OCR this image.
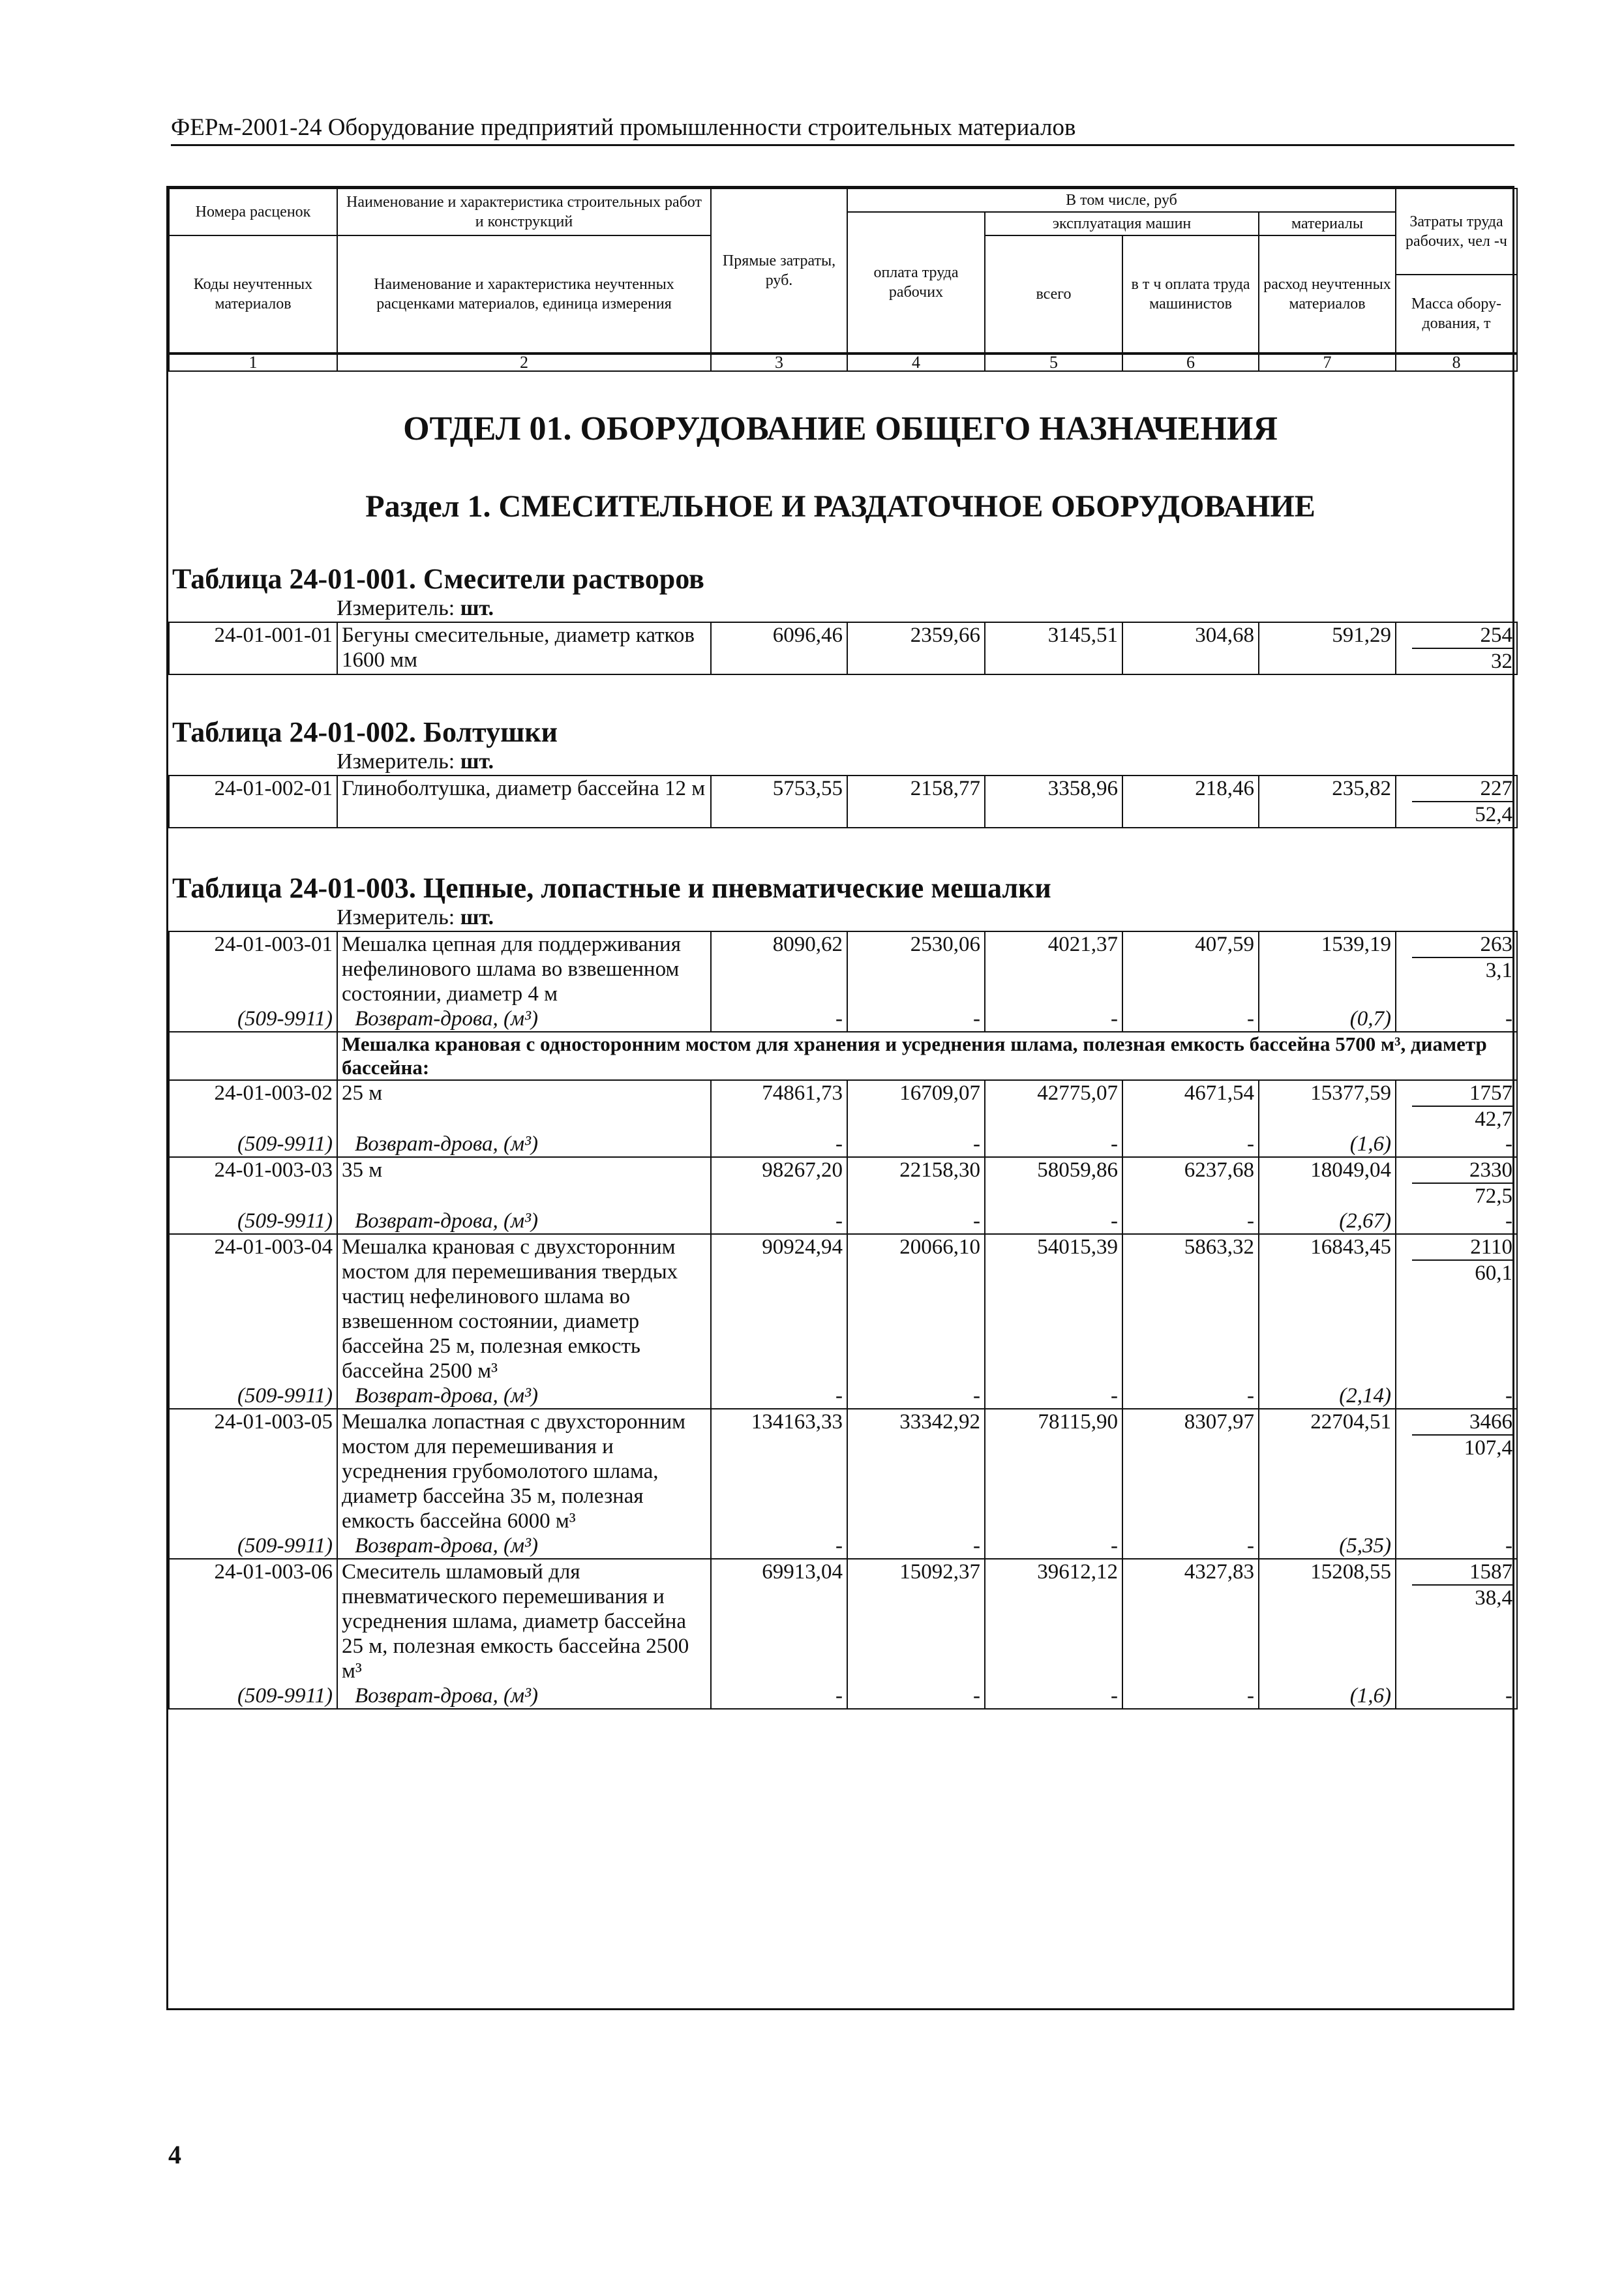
ФЕРм-2001-24 Оборудование предприятий промышленности строительных материалов
Номера расценок	Наименование и характеристика строительных работ и конструкций	Прямые затраты, руб.	В том числе, руб				Затраты труда рабочих, чел -ч
			оплата труда рабочих	эксплуатация машин		материалы	
Коды неучтенных материалов	Наименование и характеристика неучтенных расценками материалов, единица измерения			всего	в т ч оплата труда машинистов	расход неучтенных материалов	
							Масса обору-дования, т
1	2	3	4	5	6	7	8
ОТДЕЛ 01. ОБОРУДОВАНИЕ ОБЩЕГО НАЗНАЧЕНИЯ
Раздел 1. СМЕСИТЕЛЬНОЕ И РАЗДАТОЧНОЕ ОБОРУДОВАНИЕ
Таблица 24-01-001. Смесители растворов
Измеритель: шт.
24-01-001-01	Бегуны смесительные, диаметр катков 1600 мм	6096,46	2359,66	3145,51	304,68	591,29	254
32
Таблица 24-01-002. Болтушки
Измеритель: шт.
24-01-002-01	Глиноболтушка, диаметр бассейна 12 м	5753,55	2158,77	3358,96	218,46	235,82	227
52,4
Таблица 24-01-003. Цепные, лопастные и пневматические мешалки
Измеритель: шт.
24-01-003-01	Мешалка цепная для поддерживания нефелинового шлама во взвешенном состоянии, диаметр 4 м	8090,62	2530,06	4021,37	407,59	1539,19	263
3,1

(509-9911)	Возврат-дрова, (м³)	-	-	-	-	(0,7)	-
	Мешалка крановая с односторонним мостом для хранения и усреднения шлама, полезная емкость бассейна 5700 м³, диаметр бассейна:						
24-01-003-02	25 м	74861,73	16709,07	42775,07	4671,54	15377,59	1757
42,7

(509-9911)	Возврат-дрова, (м³)	-	-	-	-	(1,6)	-
24-01-003-03	35 м	98267,20	22158,30	58059,86	6237,68	18049,04	2330
72,5

(509-9911)	Возврат-дрова, (м³)	-	-	-	-	(2,67)	-
24-01-003-04	Мешалка крановая с двухсторонним мостом для перемешивания твердых частиц нефелинового шлама во взвешенном состоянии, диаметр бассейна 25 м, полезная емкость бассейна 2500 м³	90924,94	20066,10	54015,39	5863,32	16843,45	2110
60,1

(509-9911)	Возврат-дрова, (м³)	-	-	-	-	(2,14)	-
24-01-003-05	Мешалка лопастная с двухсторонним мостом для перемешивания и усреднения грубомолотого шлама, диаметр бассейна 35 м, полезная емкость бассейна 6000 м³	134163,33	33342,92	78115,90	8307,97	22704,51	3466
107,4

(509-9911)	Возврат-дрова, (м³)	-	-	-	-	(5,35)	-
24-01-003-06	Смеситель шламовый для пневматического перемешивания и усреднения шлама, диаметр бассейна 25 м, полезная емкость бассейна 2500 м³	69913,04	15092,37	39612,12	4327,83	15208,55	1587
38,4

(509-9911)	Возврат-дрова, (м³)	-	-	-	-	(1,6)	-
4
